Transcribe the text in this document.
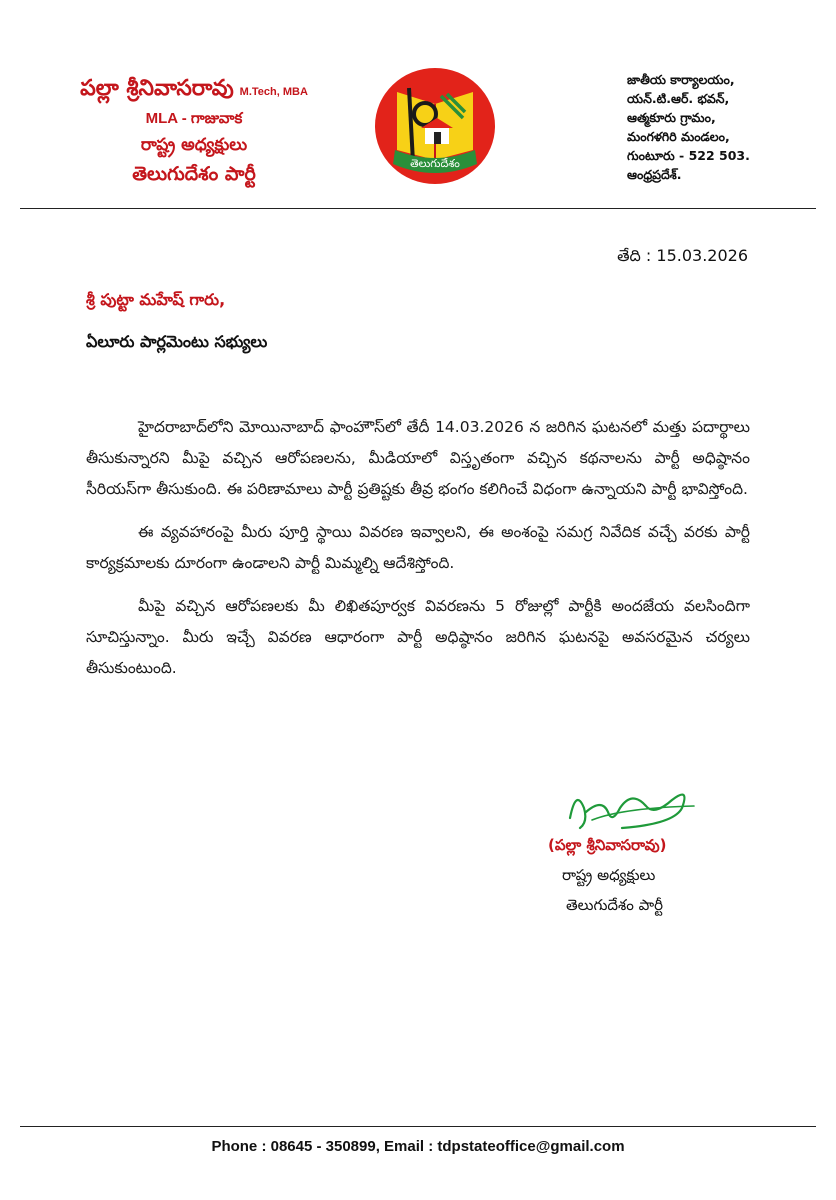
పల్లా శ్రీనివాసరావు M.Tech, MBA
MLA - గాజువాక
రాష్ట్ర అధ్యక్షులు
తెలుగుదేశం పార్టీ	తెలుగుదేశం
జాతీయ కార్యాలయం,
యన్.టి.ఆర్. భవన్,
ఆత్మకూరు గ్రామం,
మంగళగిరి మండలం,
గుంటూరు - 522 503.
ఆంధ్రప్రదేశ్.
తేది : 15.03.2026
శ్రీ పుట్టా మహేష్ గారు,
ఏలూరు పార్లమెంటు సభ్యులు

హైదరాబాద్‌లోని మోయినాబాద్ ఫాంహౌస్‌లో తేదీ 14.03.2026 న జరిగిన ఘటనలో మత్తు పదార్థాలు తీసుకున్నారని మీపై వచ్చిన ఆరోపణలను, మీడియాలో విస్తృతంగా వచ్చిన కథనాలను పార్టీ అధిష్ఠానం సీరియస్‌గా తీసుకుంది. ఈ పరిణామాలు పార్టీ ప్రతిష్టకు తీవ్ర భంగం కలిగించే విధంగా ఉన్నాయని పార్టీ భావిస్తోంది.

ఈ వ్యవహారంపై మీరు పూర్తి స్థాయి వివరణ ఇవ్వాలని, ఈ అంశంపై సమగ్ర నివేదిక వచ్చే వరకు పార్టీ కార్యక్రమాలకు దూరంగా ఉండాలని పార్టీ మిమ్మల్ని ఆదేశిస్తోంది.

మీపై వచ్చిన ఆరోపణలకు మీ లిఖితపూర్వక వివరణను 5 రోజుల్లో పార్టీకి అందజేయ వలసిందిగా సూచిస్తున్నాం. మీరు ఇచ్చే వివరణ ఆధారంగా పార్టీ అధిష్ఠానం జరిగిన ఘటనపై అవసరమైన చర్యలు తీసుకుంటుంది.

(పల్లా శ్రీనివాసరావు)
రాష్ట్ర అధ్యక్షులు
తెలుగుదేశం పార్టీ
Phone : 08645 - 350899, Email : tdpstateoffice@gmail.com
